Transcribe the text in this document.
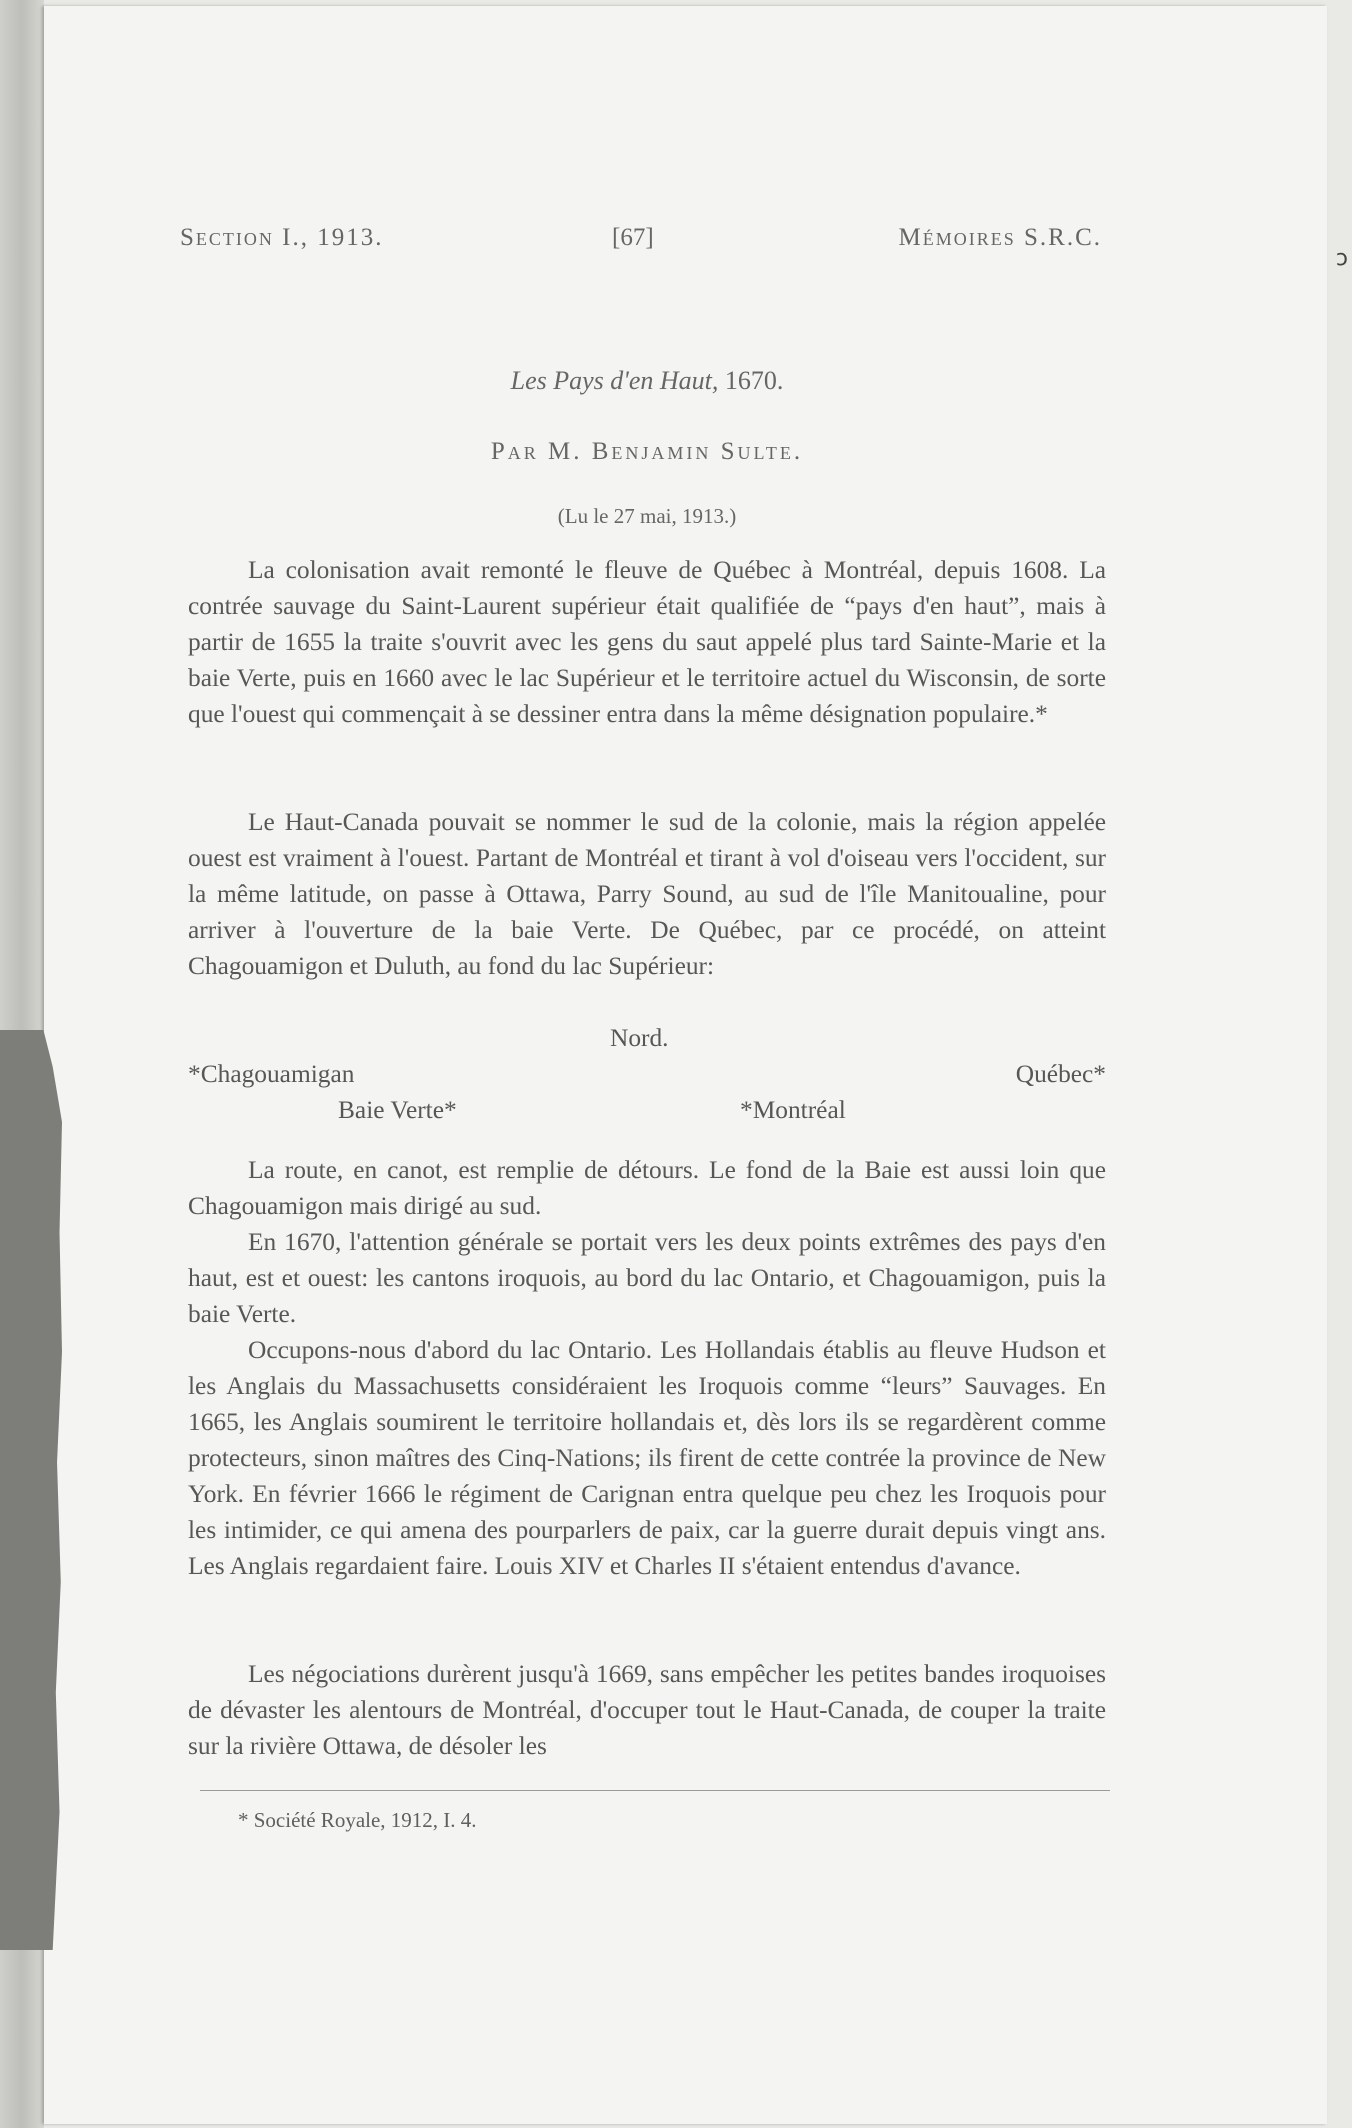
ͻ
Section I., 1913.	[67]	Mémoires S.R.C.
Les Pays d'en Haut, 1670.
Par M. Benjamin Sulte.
(Lu le 27 mai, 1913.)

La colonisation avait remonté le fleuve de Québec à Montréal, depuis 1608. La contrée sauvage du Saint-Laurent supérieur était qualifiée de “pays d'en haut”, mais à partir de 1655 la traite s'ouvrit avec les gens du saut appelé plus tard Sainte-Marie et la baie Verte, puis en 1660 avec le lac Supérieur et le territoire actuel du Wisconsin, de sorte que l'ouest qui commençait à se dessiner entra dans la même désignation populaire.*

Le Haut-Canada pouvait se nommer le sud de la colonie, mais la région appelée ouest est vraiment à l'ouest. Partant de Montréal et tirant à vol d'oiseau vers l'occident, sur la même latitude, on passe à Ottawa, Parry Sound, au sud de l'île Manitoualine, pour arriver à l'ouverture de la baie Verte. De Québec, par ce procédé, on atteint Chagouamigon et Duluth, au fond du lac Supérieur:

Nord.
*Chagouamigan	Québec*
Baie Verte*	*Montréal

La route, en canot, est remplie de détours. Le fond de la Baie est aussi loin que Chagouamigon mais dirigé au sud.

En 1670, l'attention générale se portait vers les deux points extrêmes des pays d'en haut, est et ouest: les cantons iroquois, au bord du lac Ontario, et Chagouamigon, puis la baie Verte.

Occupons-nous d'abord du lac Ontario. Les Hollandais établis au fleuve Hudson et les Anglais du Massachusetts considéraient les Iroquois comme “leurs” Sauvages. En 1665, les Anglais soumirent le territoire hollandais et, dès lors ils se regardèrent comme protecteurs, sinon maîtres des Cinq-Nations; ils firent de cette contrée la province de New York. En février 1666 le régiment de Carignan entra quelque peu chez les Iroquois pour les intimider, ce qui amena des pourparlers de paix, car la guerre durait depuis vingt ans. Les Anglais regardaient faire. Louis XIV et Charles II s'étaient entendus d'avance.

Les négociations durèrent jusqu'à 1669, sans empêcher les petites bandes iroquoises de dévaster les alentours de Montréal, d'occuper tout le Haut-Canada, de couper la traite sur la rivière Ottawa, de désoler les

* Société Royale, 1912, I. 4.
